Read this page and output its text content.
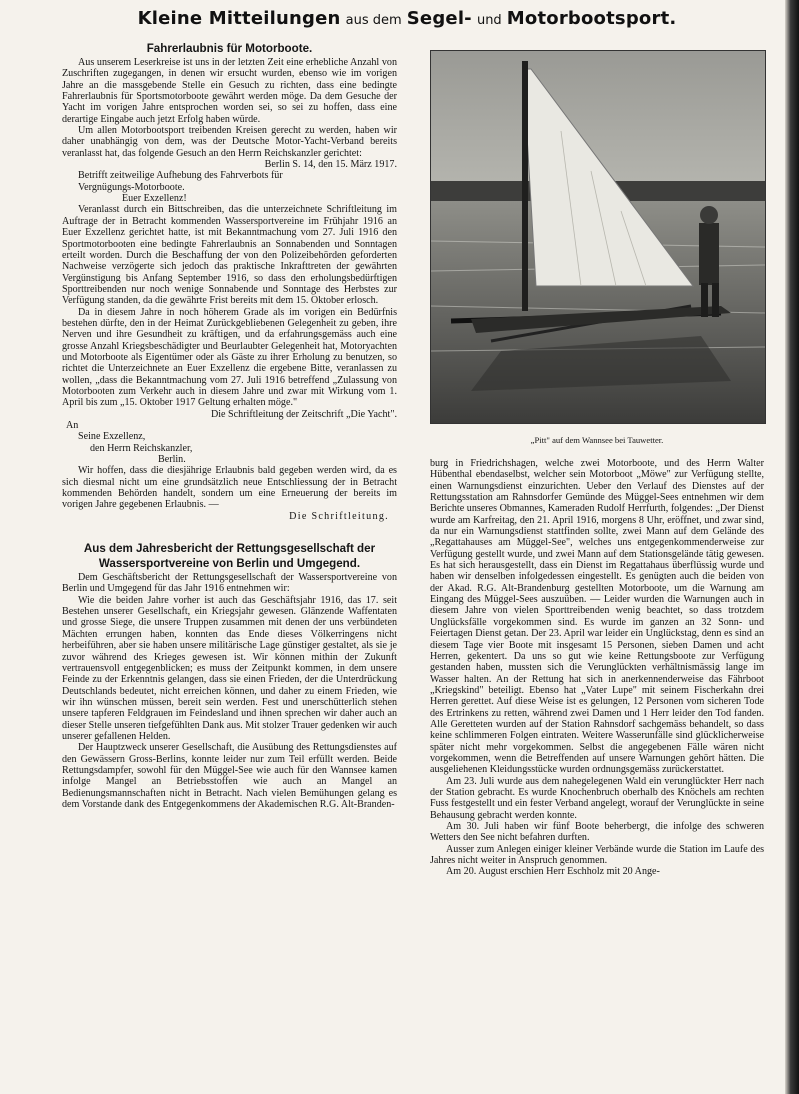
Kleine Mitteilungen aus dem Segel- und Motorbootsport.
Fahrerlaubnis für Motorboote.

Aus unserem Leserkreise ist uns in der letzten Zeit eine erhebliche Anzahl von Zuschriften zugegangen, in denen wir ersucht wurden, ebenso wie im vorigen Jahre an die massgebende Stelle ein Gesuch zu richten, dass eine bedingte Fahrerlaubnis für Sportsmotorboote gewährt werden möge. Da dem Gesuche der Yacht im vorigen Jahre entsprochen worden sei, so sei zu hoffen, dass eine derartige Eingabe auch jetzt Erfolg haben würde.

Um allen Motorbootsport treibenden Kreisen gerecht zu werden, haben wir daher unabhängig von dem, was der Deutsche Motor-Yacht-Verband bereits veranlasst hat, das folgende Gesuch an den Herrn Reichskanzler gerichtet:

Berlin S. 14, den 15. März 1917.

Betrifft zeitweilige Aufhebung des Fahrverbots für Vergnügungs-Motorboote.

Euer Exzellenz!

Veranlasst durch ein Bittschreiben, das die unterzeichnete Schriftleitung im Auftrage der in Betracht kommenden Wassersportvereine im Frühjahr 1916 an Euer Exzellenz gerichtet hatte, ist mit Bekanntmachung vom 27. Juli 1916 den Sportmotorbooten eine bedingte Fahrerlaubnis an Sonnabenden und Sonntagen erteilt worden. Durch die Beschaffung der von den Polizeibehörden geforderten Nachweise verzögerte sich jedoch das praktische Inkrafttreten der gewährten Vergünstigung bis Anfang September 1916, so dass den erholungsbedürftigen Sporttreibenden nur noch wenige Sonnabende und Sonntage des Herbstes zur Verfügung standen, da die gewährte Frist bereits mit dem 15. Oktober erlosch.

Da in diesem Jahre in noch höherem Grade als im vorigen ein Bedürfnis bestehen dürfte, den in der Heimat Zurückgebliebenen Gelegenheit zu geben, ihre Nerven und ihre Gesundheit zu kräftigen, und da erfahrungsgemäss auch eine grosse Anzahl Kriegsbeschädigter und Beurlaubter Gelegenheit hat, Motoryachten und Motorboote als Eigentümer oder als Gäste zu ihrer Erholung zu benutzen, so richtet die Unterzeichnete an Euer Exzellenz die ergebene Bitte, veranlassen zu wollen, „dass die Bekanntmachung vom 27. Juli 1916 betreffend „Zulassung von Motorbooten zum Verkehr auch in diesem Jahre und zwar mit Wirkung vom 1. April bis zum „15. Oktober 1917 Geltung erhalten möge."

Die Schriftleitung der Zeitschrift „Die Yacht".

An

Seine Exzellenz,

den Herrn Reichskanzler,

Berlin.

Wir hoffen, dass die diesjährige Erlaubnis bald gegeben werden wird, da es sich diesmal nicht um eine grundsätzlich neue Entschliessung der in Betracht kommenden Behörden handelt, sondern um eine Erneuerung der bereits im vorigen Jahre gegebenen Erlaubnis. —

Die Schriftleitung.

Aus dem Jahresbericht der Rettungsgesellschaft der
Wassersportvereine von Berlin und Umgegend.

Dem Geschäftsbericht der Rettungsgesellschaft der Wassersportvereine von Berlin und Umgegend für das Jahr 1916 entnehmen wir:

Wie die beiden Jahre vorher ist auch das Geschäftsjahr 1916, das 17. seit Bestehen unserer Gesellschaft, ein Kriegsjahr gewesen. Glänzende Waffentaten und grosse Siege, die unsere Truppen zusammen mit denen der uns verbündeten Mächten errungen haben, konnten das Ende dieses Völkerringens nicht herbeiführen, aber sie haben unsere militärische Lage günstiger gestaltet, als sie je zuvor während des Krieges gewesen ist. Wir können mithin der Zukunft vertrauensvoll entgegenblicken; es muss der Zeitpunkt kommen, in dem unsere Feinde zu der Erkenntnis gelangen, dass sie einen Frieden, der die Unterdrückung Deutschlands bedeutet, nicht erreichen können, und daher zu einem Frieden, wie wir ihn wünschen müssen, bereit sein werden. Fest und unerschütterlich stehen unsere tapferen Feldgrauen im Feindesland und ihnen sprechen wir daher auch an dieser Stelle unseren tiefgefühlten Dank aus. Mit stolzer Trauer gedenken wir auch unserer gefallenen Helden.

Der Hauptzweck unserer Gesellschaft, die Ausübung des Rettungsdienstes auf den Gewässern Gross-Berlins, konnte leider nur zum Teil erfüllt werden. Beide Rettungsdampfer, sowohl für den Müggel-See wie auch für den Wannsee kamen infolge Mangel an Betriebsstoffen wie auch an Mangel an Bedienungsmannschaften nicht in Betracht. Nach vielen Bemühungen gelang es dem Vorstande dank des Entgegenkommens der Akademischen R.G. Alt-Branden-

„Pitt" auf dem Wannsee bei Tauwetter.

burg in Friedrichshagen, welche zwei Motorboote, und des Herrn Walter Hübenthal ebendaselbst, welcher sein Motorboot „Möwe" zur Verfügung stellte, einen Warnungsdienst einzurichten. Ueber den Verlauf des Dienstes auf der Rettungsstation am Rahnsdorfer Gemünde des Müggel-Sees entnehmen wir dem Berichte unseres Obmannes, Kameraden Rudolf Herrfurth, folgendes: „Der Dienst wurde am Karfreitag, den 21. April 1916, morgens 8 Uhr, eröffnet, und zwar sind, da nur ein Warnungsdienst stattfinden sollte, zwei Mann auf dem Gelände des „Regattahauses am Müggel-See", welches uns entgegenkommenderweise zur Verfügung gestellt wurde, und zwei Mann auf dem Stationsgelände tätig gewesen. Es hat sich herausgestellt, dass ein Dienst im Regattahaus überflüssig wurde und haben wir denselben infolgedessen eingestellt. Es genügten auch die beiden von der Akad. R.G. Alt-Brandenburg gestellten Motorboote, um die Warnung am Eingang des Müggel-Sees auszuüben. — Leider wurden die Warnungen auch in diesem Jahre von vielen Sporttreibenden wenig beachtet, so dass trotzdem Unglücksfälle vorgekommen sind. Es wurde im ganzen an 32 Sonn- und Feiertagen Dienst getan. Der 23. April war leider ein Unglückstag, denn es sind an diesem Tage vier Boote mit insgesamt 15 Personen, sieben Damen und acht Herren, gekentert. Da uns so gut wie keine Rettungsboote zur Verfügung gestanden haben, mussten sich die Verunglückten verhältnismässig lange im Wasser halten. An der Rettung hat sich in anerkennenderweise das Fährboot „Kriegskind" beteiligt. Ebenso hat „Vater Lupe" mit seinem Fischerkahn drei Herren gerettet. Auf diese Weise ist es gelungen, 12 Personen vom sicheren Tode des Ertrinkens zu retten, während zwei Damen und 1 Herr leider den Tod fanden. Alle Geretteten wurden auf der Station Rahnsdorf sachgemäss behandelt, so dass keine schlimmeren Folgen eintraten. Weitere Wasserunfälle sind glücklicherweise später nicht mehr vorgekommen. Selbst die angegebenen Fälle wären nicht vorgekommen, wenn die Betreffenden auf unsere Warnungen gehört hätten. Die ausgeliehenen Kleidungsstücke wurden ordnungsgemäss zurückerstattet.

Am 23. Juli wurde aus dem nahegelegenen Wald ein verunglückter Herr nach der Station gebracht. Es wurde Knochenbruch oberhalb des Knöchels am rechten Fuss festgestellt und ein fester Verband angelegt, worauf der Verunglückte in seine Behausung gebracht werden konnte.

Am 30. Juli haben wir fünf Boote beherbergt, die infolge des schweren Wetters den See nicht befahren durften.

Ausser zum Anlegen einiger kleiner Verbände wurde die Station im Laufe des Jahres nicht weiter in Anspruch genommen.

Am 20. August erschien Herr Eschholz mit 20 Ange-
